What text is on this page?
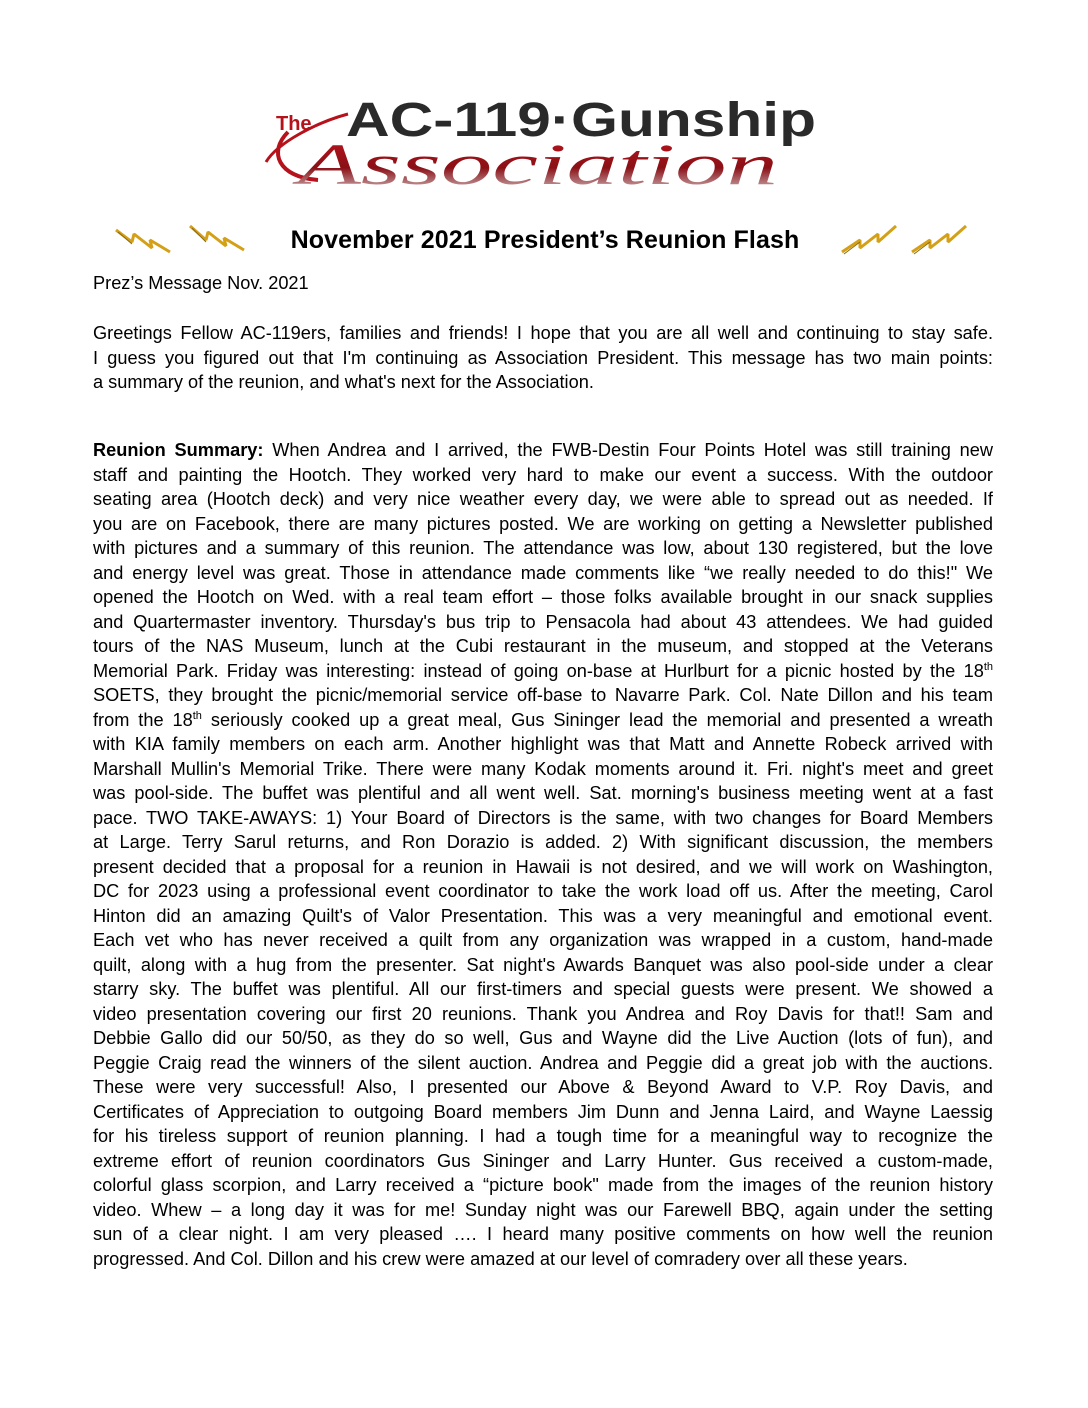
The AC-119·Gunship
Association
November 2021 President’s Reunion Flash
Prez’s Message Nov. 2021
Greetings Fellow AC-119ers, families and friends! I hope that you are all well and continuing to stay safe.
I guess you figured out that I'm continuing as Association President. This message has two main points:
a summary of the reunion, and what's next for the Association.
Reunion Summary: When Andrea and I arrived, the FWB-Destin Four Points Hotel was still training new
staff and painting the Hootch. They worked very hard to make our event a success. With the outdoor
seating area (Hootch deck) and very nice weather every day, we were able to spread out as needed. If
you are on Facebook, there are many pictures posted. We are working on getting a Newsletter published
with pictures and a summary of this reunion. The attendance was low, about 130 registered, but the love
and energy level was great. Those in attendance made comments like “we really needed to do this!" We
opened the Hootch on Wed. with a real team effort – those folks available brought in our snack supplies
and Quartermaster inventory. Thursday's bus trip to Pensacola had about 43 attendees. We had guided
tours of the NAS Museum, lunch at the Cubi restaurant in the museum, and stopped at the Veterans
Memorial Park. Friday was interesting: instead of going on-base at Hurlburt for a picnic hosted by the 18th
SOETS, they brought the picnic/memorial service off-base to Navarre Park. Col. Nate Dillon and his team
from the 18th seriously cooked up a great meal, Gus Sininger lead the memorial and presented a wreath
with KIA family members on each arm. Another highlight was that Matt and Annette Robeck arrived with
Marshall Mullin's Memorial Trike. There were many Kodak moments around it. Fri. night's meet and greet
was pool-side. The buffet was plentiful and all went well. Sat. morning's business meeting went at a fast
pace. TWO TAKE-AWAYS: 1) Your Board of Directors is the same, with two changes for Board Members
at Large. Terry Sarul returns, and Ron Dorazio is added. 2) With significant discussion, the members
present decided that a proposal for a reunion in Hawaii is not desired, and we will work on Washington,
DC for 2023 using a professional event coordinator to take the work load off us. After the meeting, Carol
Hinton did an amazing Quilt's of Valor Presentation. This was a very meaningful and emotional event.
Each vet who has never received a quilt from any organization was wrapped in a custom, hand-made
quilt, along with a hug from the presenter. Sat night's Awards Banquet was also pool-side under a clear
starry sky. The buffet was plentiful. All our first-timers and special guests were present. We showed a
video presentation covering our first 20 reunions. Thank you Andrea and Roy Davis for that!! Sam and
Debbie Gallo did our 50/50, as they do so well, Gus and Wayne did the Live Auction (lots of fun), and
Peggie Craig read the winners of the silent auction. Andrea and Peggie did a great job with the auctions.
These were very successful! Also, I presented our Above & Beyond Award to V.P. Roy Davis, and
Certificates of Appreciation to outgoing Board members Jim Dunn and Jenna Laird, and Wayne Laessig
for his tireless support of reunion planning. I had a tough time for a meaningful way to recognize the
extreme effort of reunion coordinators Gus Sininger and Larry Hunter. Gus received a custom-made,
colorful glass scorpion, and Larry received a “picture book" made from the images of the reunion history
video. Whew – a long day it was for me! Sunday night was our Farewell BBQ, again under the setting
sun of a clear night. I am very pleased …. I heard many positive comments on how well the reunion
progressed. And Col. Dillon and his crew were amazed at our level of comradery over all these years.
